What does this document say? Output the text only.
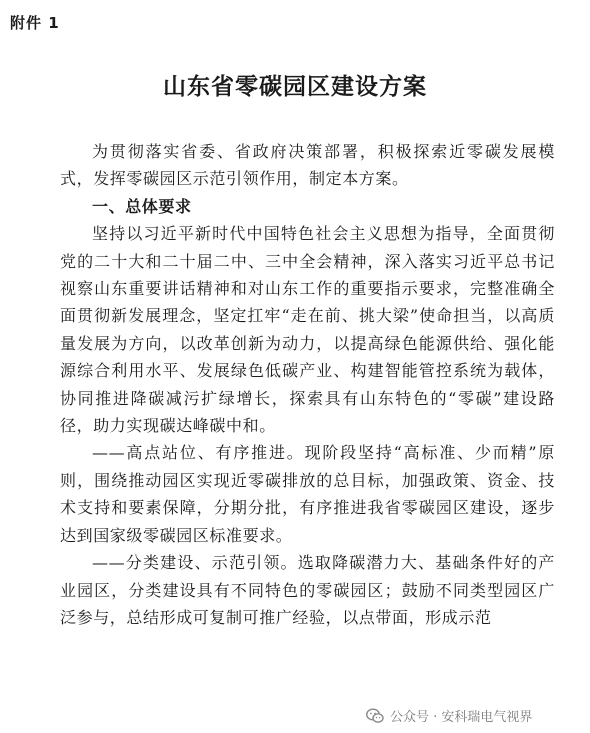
附件 1
山东省零碳园区建设方案

为贯彻落实省委、省政府决策部署，积极探索近零碳发展模式，发挥零碳园区示范引领作用，制定本方案。

一、总体要求

坚持以习近平新时代中国特色社会主义思想为指导，全面贯彻党的二十大和二十届二中、三中全会精神，深入落实习近平总书记视察山东重要讲话精神和对山东工作的重要指示要求，完整准确全面贯彻新发展理念，坚定扛牢“走在前、挑大梁”使命担当，以高质量发展为方向，以改革创新为动力，以提高绿色能源供给、强化能源综合利用水平、发展绿色低碳产业、构建智能管控系统为载体，协同推进降碳减污扩绿增长，探索具有山东特色的“零碳”建设路径，助力实现碳达峰碳中和。

——高点站位、有序推进。现阶段坚持“高标准、少而精”原则，围绕推动园区实现近零碳排放的总目标，加强政策、资金、技术支持和要素保障，分期分批，有序推进我省零碳园区建设，逐步达到国家级零碳园区标准要求。

——分类建设、示范引领。选取降碳潜力大、基础条件好的产业园区，分类建设具有不同特色的零碳园区；鼓励不同类型园区广泛参与，总结形成可复制可推广经验，以点带面，形成示范

公众号 · 安科瑞电气视界
